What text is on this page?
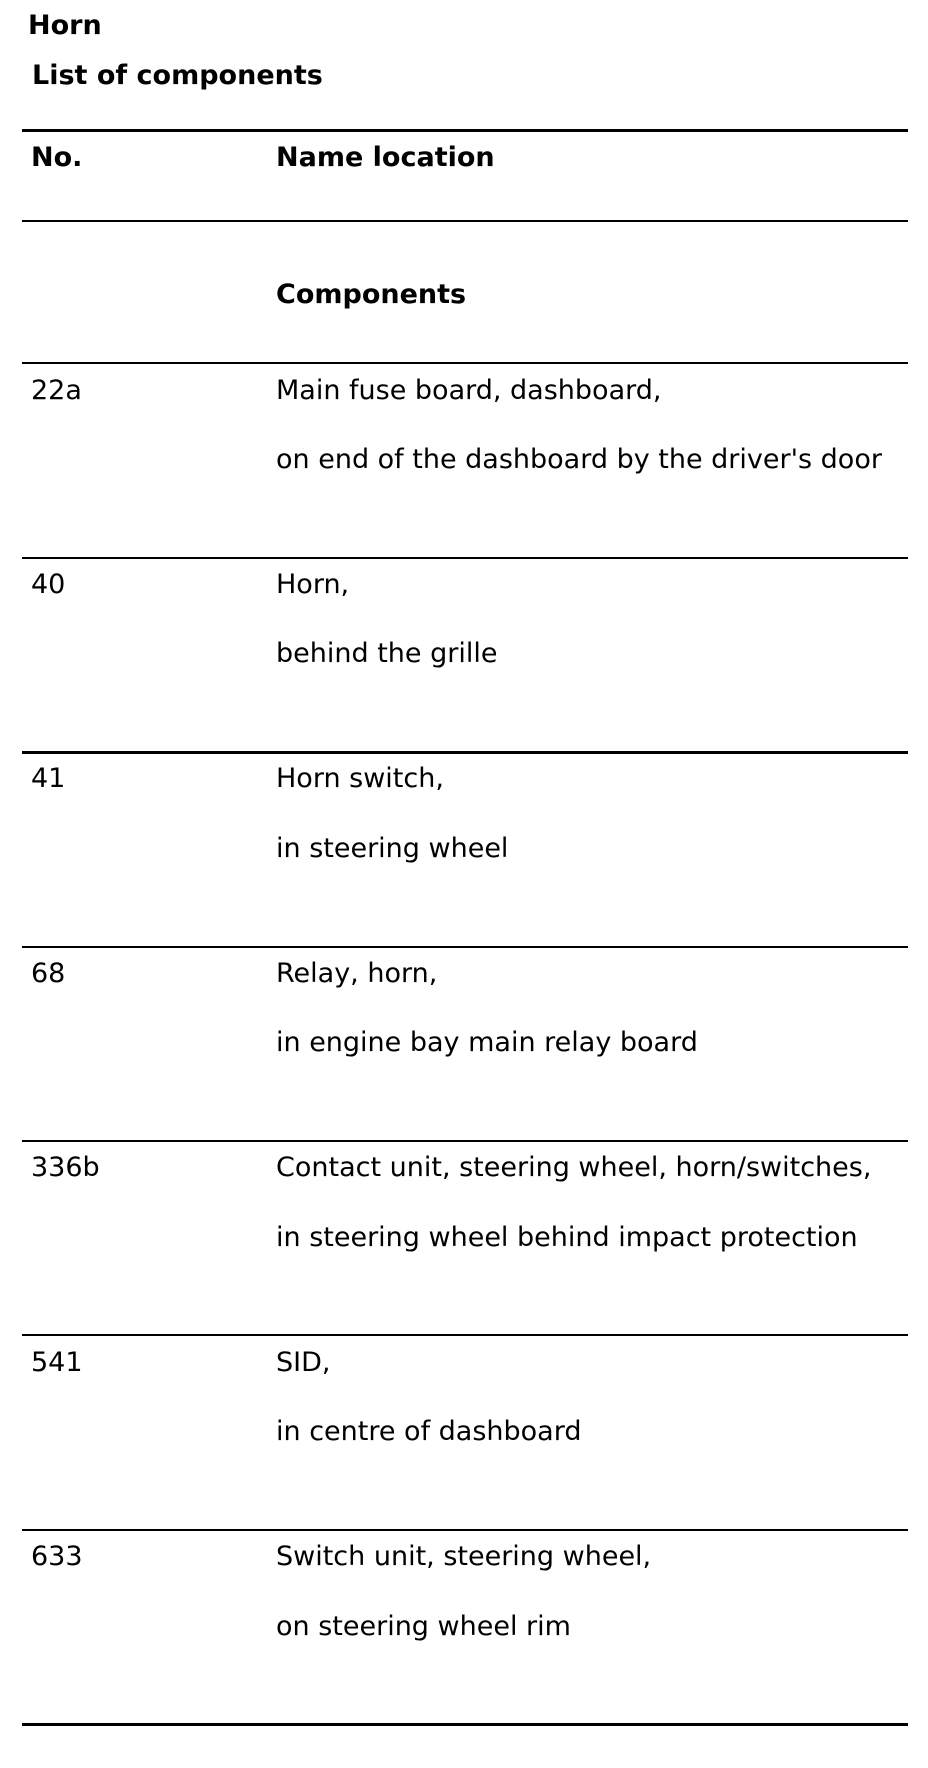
Horn
List of components
No.	Name location
Components
22a	Main fuse board, dashboard,
on end of the dashboard by the driver's door
40	Horn,
behind the grille
41	Horn switch,
in steering wheel
68	Relay, horn,
in engine bay main relay board
336b	Contact unit, steering wheel, horn/switches,
in steering wheel behind impact protection
541	SID,
in centre of dashboard
633	Switch unit, steering wheel,
on steering wheel rim
